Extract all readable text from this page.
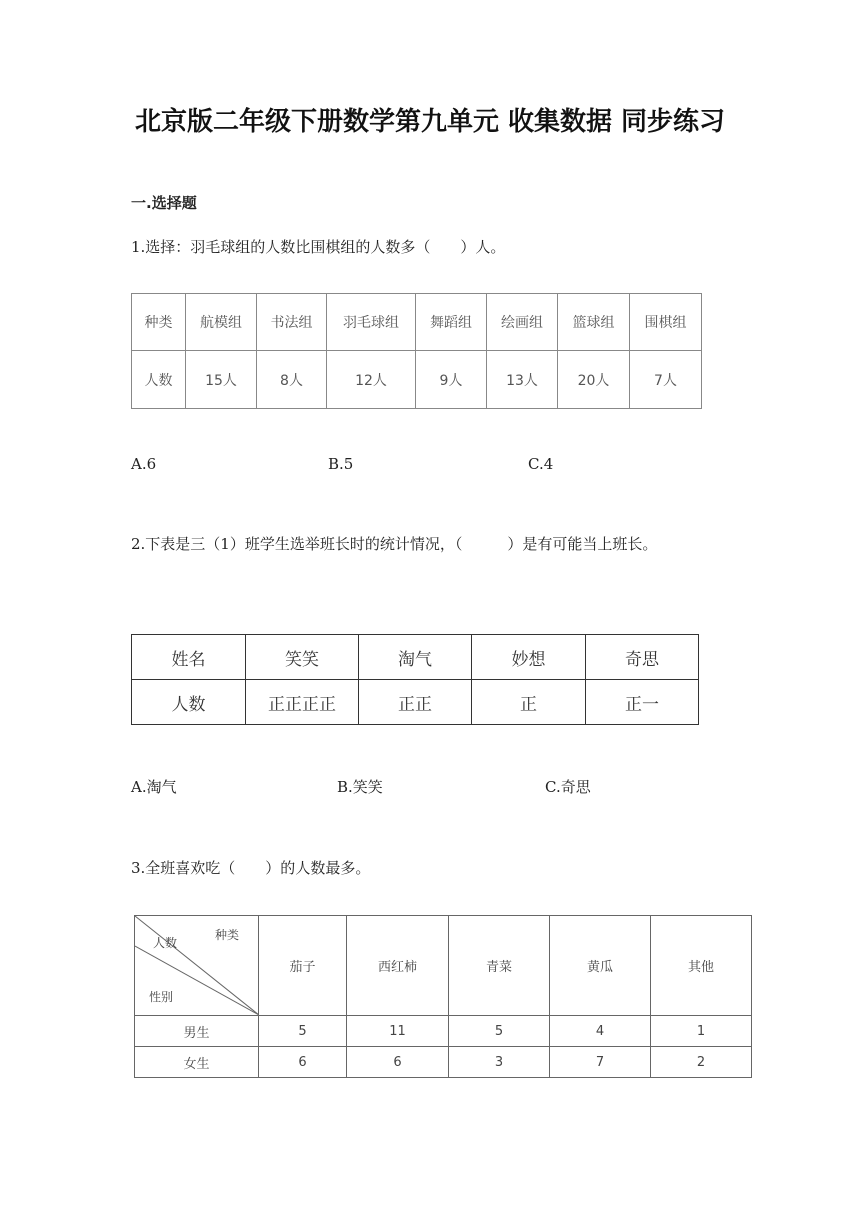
北京版二年级下册数学第九单元 收集数据 同步练习
一.选择题
1.选择：羽毛球组的人数比围棋组的人数多（　　）人。
种类	航模组	书法组	羽毛球组	舞蹈组	绘画组	篮球组	围棋组
人数	15人	8人	12人	9人	13人	20人	7人
A.6	B.5	C.4
2.下表是三（1）班学生选举班长时的统计情况，（　　　）是有可能当上班长。
姓名	笑笑	淘气	妙想	奇思
人数	正正正正	正正	正	正一
A.淘气	B.笑笑	C.奇思
3.全班喜欢吃（　　）的人数最多。
种类
人数
性别	茄子	西红柿	青菜	黄瓜	其他
男生	5	11	5	4	1
女生	6	6	3	7	2
